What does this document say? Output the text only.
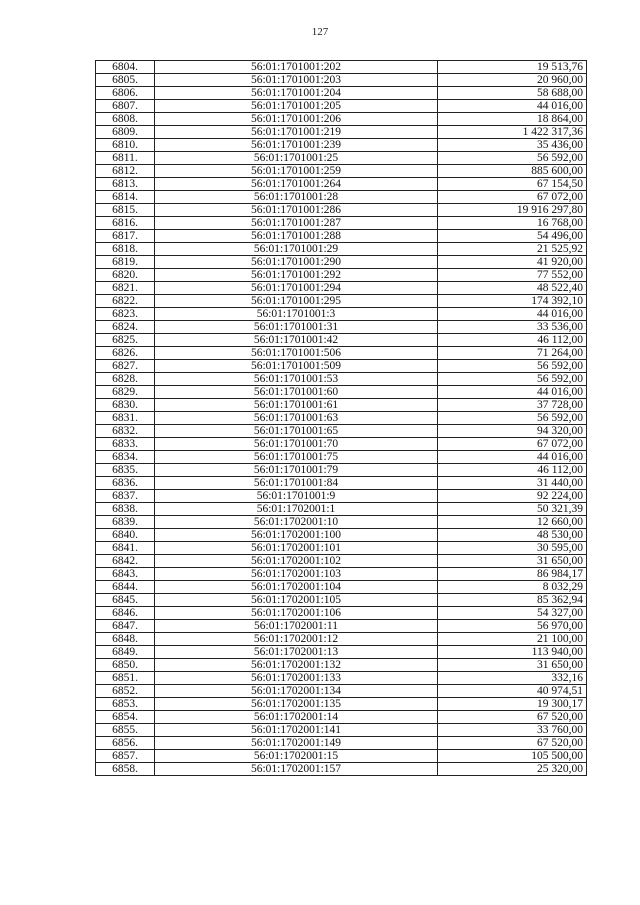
127
6804.	56:01:1701001:202	19 513,76
6805.	56:01:1701001:203	20 960,00
6806.	56:01:1701001:204	58 688,00
6807.	56:01:1701001:205	44 016,00
6808.	56:01:1701001:206	18 864,00
6809.	56:01:1701001:219	1 422 317,36
6810.	56:01:1701001:239	35 436,00
6811.	56:01:1701001:25	56 592,00
6812.	56:01:1701001:259	885 600,00
6813.	56:01:1701001:264	67 154,50
6814.	56:01:1701001:28	67 072,00
6815.	56:01:1701001:286	19 916 297,80
6816.	56:01:1701001:287	16 768,00
6817.	56:01:1701001:288	54 496,00
6818.	56:01:1701001:29	21 525,92
6819.	56:01:1701001:290	41 920,00
6820.	56:01:1701001:292	77 552,00
6821.	56:01:1701001:294	48 522,40
6822.	56:01:1701001:295	174 392,10
6823.	56:01:1701001:3	44 016,00
6824.	56:01:1701001:31	33 536,00
6825.	56:01:1701001:42	46 112,00
6826.	56:01:1701001:506	71 264,00
6827.	56:01:1701001:509	56 592,00
6828.	56:01:1701001:53	56 592,00
6829.	56:01:1701001:60	44 016,00
6830.	56:01:1701001:61	37 728,00
6831.	56:01:1701001:63	56 592,00
6832.	56:01:1701001:65	94 320,00
6833.	56:01:1701001:70	67 072,00
6834.	56:01:1701001:75	44 016,00
6835.	56:01:1701001:79	46 112,00
6836.	56:01:1701001:84	31 440,00
6837.	56:01:1701001:9	92 224,00
6838.	56:01:1702001:1	50 321,39
6839.	56:01:1702001:10	12 660,00
6840.	56:01:1702001:100	48 530,00
6841.	56:01:1702001:101	30 595,00
6842.	56:01:1702001:102	31 650,00
6843.	56:01:1702001:103	86 984,17
6844.	56:01:1702001:104	8 032,29
6845.	56:01:1702001:105	85 362,94
6846.	56:01:1702001:106	54 327,00
6847.	56:01:1702001:11	56 970,00
6848.	56:01:1702001:12	21 100,00
6849.	56:01:1702001:13	113 940,00
6850.	56:01:1702001:132	31 650,00
6851.	56:01:1702001:133	332,16
6852.	56:01:1702001:134	40 974,51
6853.	56:01:1702001:135	19 300,17
6854.	56:01:1702001:14	67 520,00
6855.	56:01:1702001:141	33 760,00
6856.	56:01:1702001:149	67 520,00
6857.	56:01:1702001:15	105 500,00
6858.	56:01:1702001:157	25 320,00
